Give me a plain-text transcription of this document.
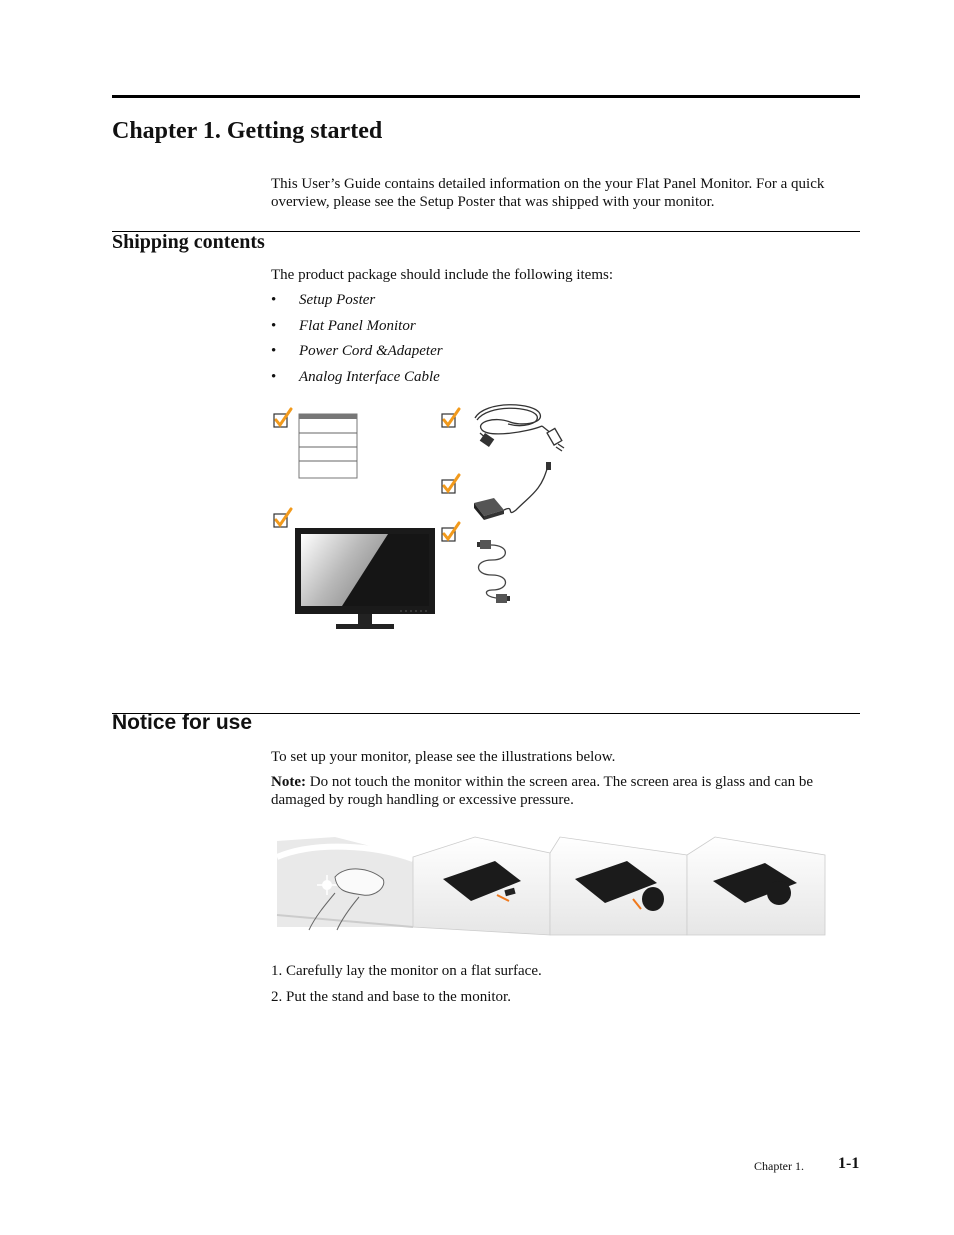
Chapter 1. Getting started

This User’s Guide contains detailed information on the your Flat Panel Monitor. For a quick overview, please see the Setup Poster that was shipped with your monitor.

Shipping contents

The product package should include the following items:

• Setup Poster
• Flat Panel Monitor
• Power Cord &Adapeter
• Analog Interface Cable
Notice for use

To set up your monitor, please see the illustrations below.

Note: Do not touch the monitor within the screen area. The screen area is glass and can be damaged by rough handling or excessive pressure.

1. Carefully lay the monitor on a flat surface.

2. Put the stand and base to the monitor.

Chapter 1. 1-1
